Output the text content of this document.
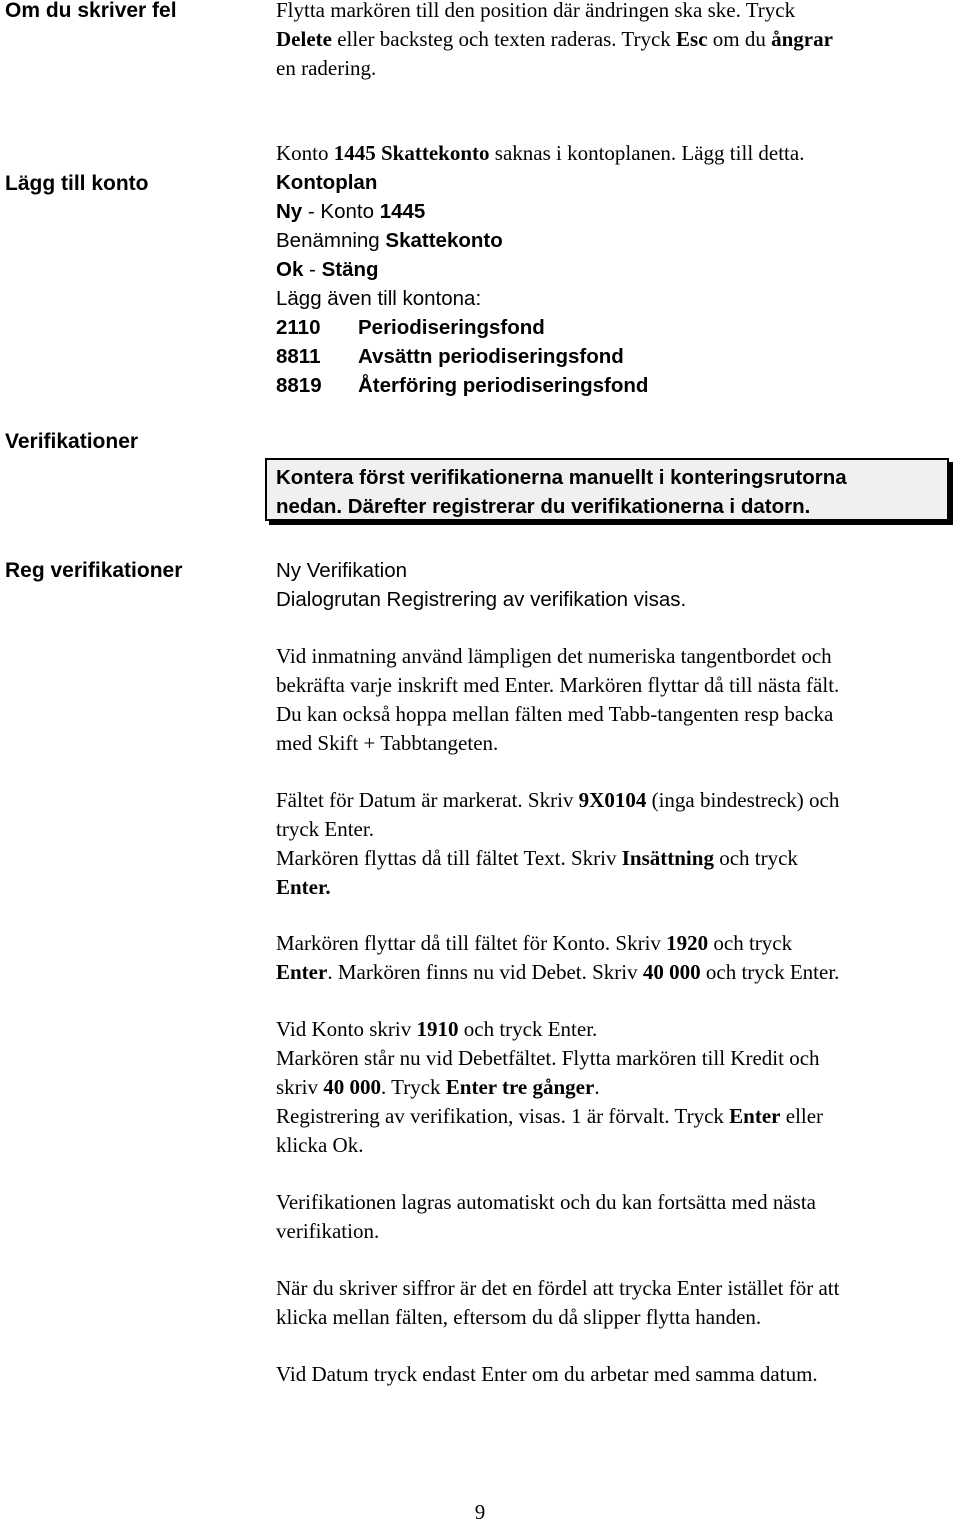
Om du skriver fel

Lägg till konto

Verifikationer

Reg verifikationer

Flytta markören till den position där ändringen ska ske. Tryck
Delete eller backsteg och texten raderas. Tryck Esc om du ångrar
en radering.
Konto 1445 Skattekonto saknas i kontoplanen. Lägg till detta.
Kontoplan
Ny - Konto 1445
Benämning Skattekonto
Ok - Stäng
Lägg även till kontona:
2110	Periodiseringsfond
8811	Avsättn periodiseringsfond
8819	Återföring periodiseringsfond

Kontera först verifikationerna manuellt i konteringsrutorna
nedan. Därefter registrerar du verifikationerna i datorn.

Ny Verifikation
Dialogrutan Registrering av verifikation visas.
Vid inmatning använd lämpligen det numeriska tangentbordet och
bekräfta varje inskrift med Enter. Markören flyttar då till nästa fält.
Du kan också hoppa mellan fälten med Tabb-tangenten resp backa
med Skift + Tabbtangeten.
Fältet för Datum är markerat. Skriv 9X0104 (inga bindestreck) och
tryck Enter.
Markören flyttas då till fältet Text. Skriv Insättning och tryck
Enter.
Markören flyttar då till fältet för Konto. Skriv 1920 och tryck
Enter. Markören finns nu vid Debet. Skriv 40 000 och tryck Enter.
Vid Konto skriv 1910 och tryck Enter.
Markören står nu vid Debetfältet. Flytta markören till Kredit och
skriv 40 000. Tryck Enter tre gånger.
Registrering av verifikation, visas. 1 är förvalt. Tryck Enter eller
klicka Ok.
Verifikationen lagras automatiskt och du kan fortsätta med nästa
verifikation.
När du skriver siffror är det en fördel att trycka Enter istället för att
klicka mellan fälten, eftersom du då slipper flytta handen.
Vid Datum tryck endast Enter om du arbetar med samma datum.

9
